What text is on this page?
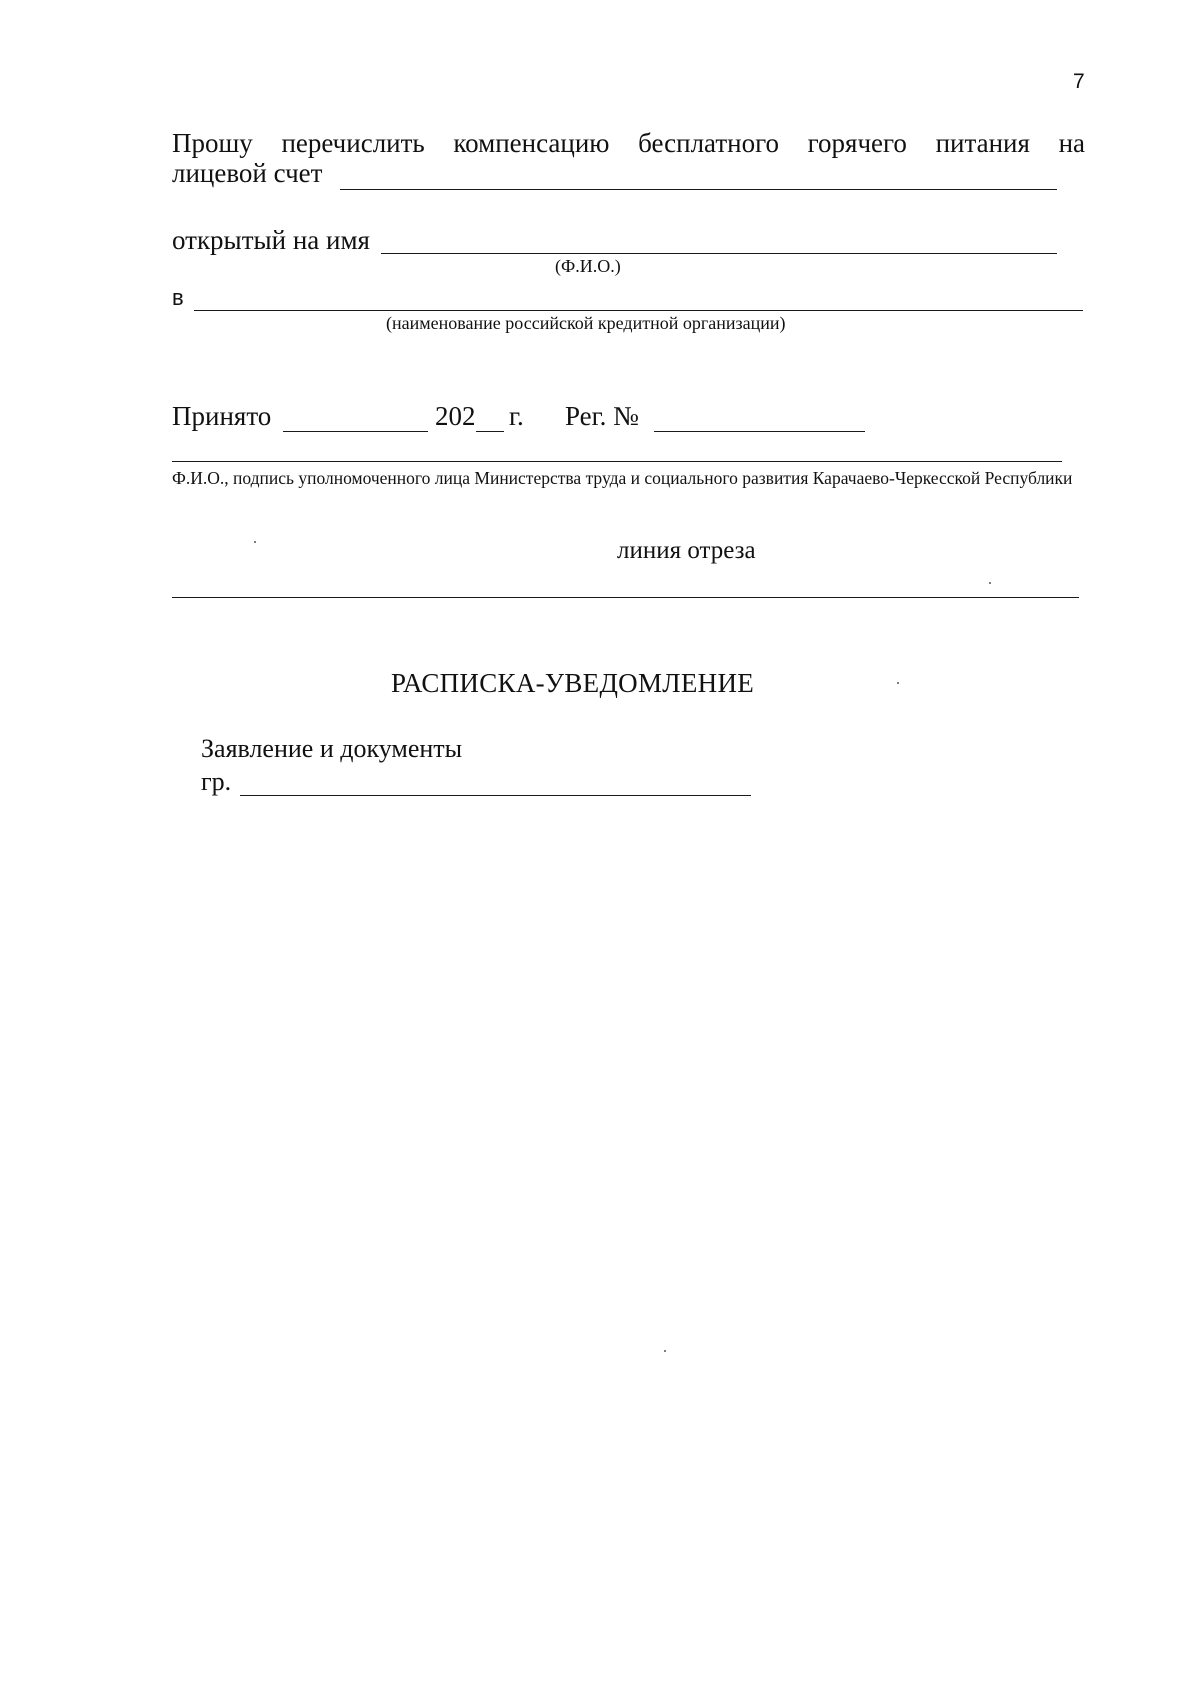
7
Прошу перечислить компенсацию бесплатного горячего питания на
лицевой счет
открытый на имя
(Ф.И.О.)
в
(наименование российской кредитной организации)
Принято	202 г. Рег. №
Ф.И.О., подпись уполномоченного лица Министерства труда и социального развития Карачаево-Черкесской Республики
линия отреза
РАСПИСКА-УВЕДОМЛЕНИЕ
Заявление и документы
гр.
